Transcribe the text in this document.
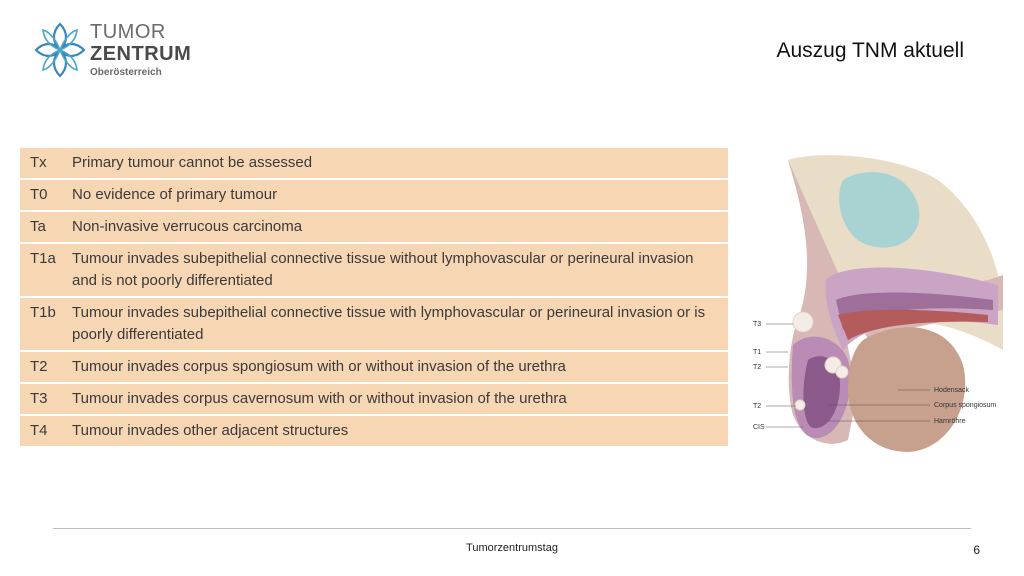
TUMOR
ZENTRUM
Oberösterreich
Auszug TNM aktuell
Tx	Primary tumour cannot be assessed
T0	No evidence of primary tumour
Ta	Non-invasive verrucous carcinoma
T1a	Tumour invades subepithelial connective tissue without lymphovascular or perineural invasion and is not poorly differentiated
T1b	Tumour invades subepithelial connective tissue with lymphovascular or perineural invasion or is poorly differentiated
T2	Tumour invades corpus spongiosum with or without invasion of the urethra
T3	Tumour invades corpus cavernosum with or without invasion of the urethra
T4	Tumour invades other adjacent structures
T3
T1
T2
T2
CIS
Hodensack
Corpus spongiosum
Harnröhre
Tumorzentrumstag	6
